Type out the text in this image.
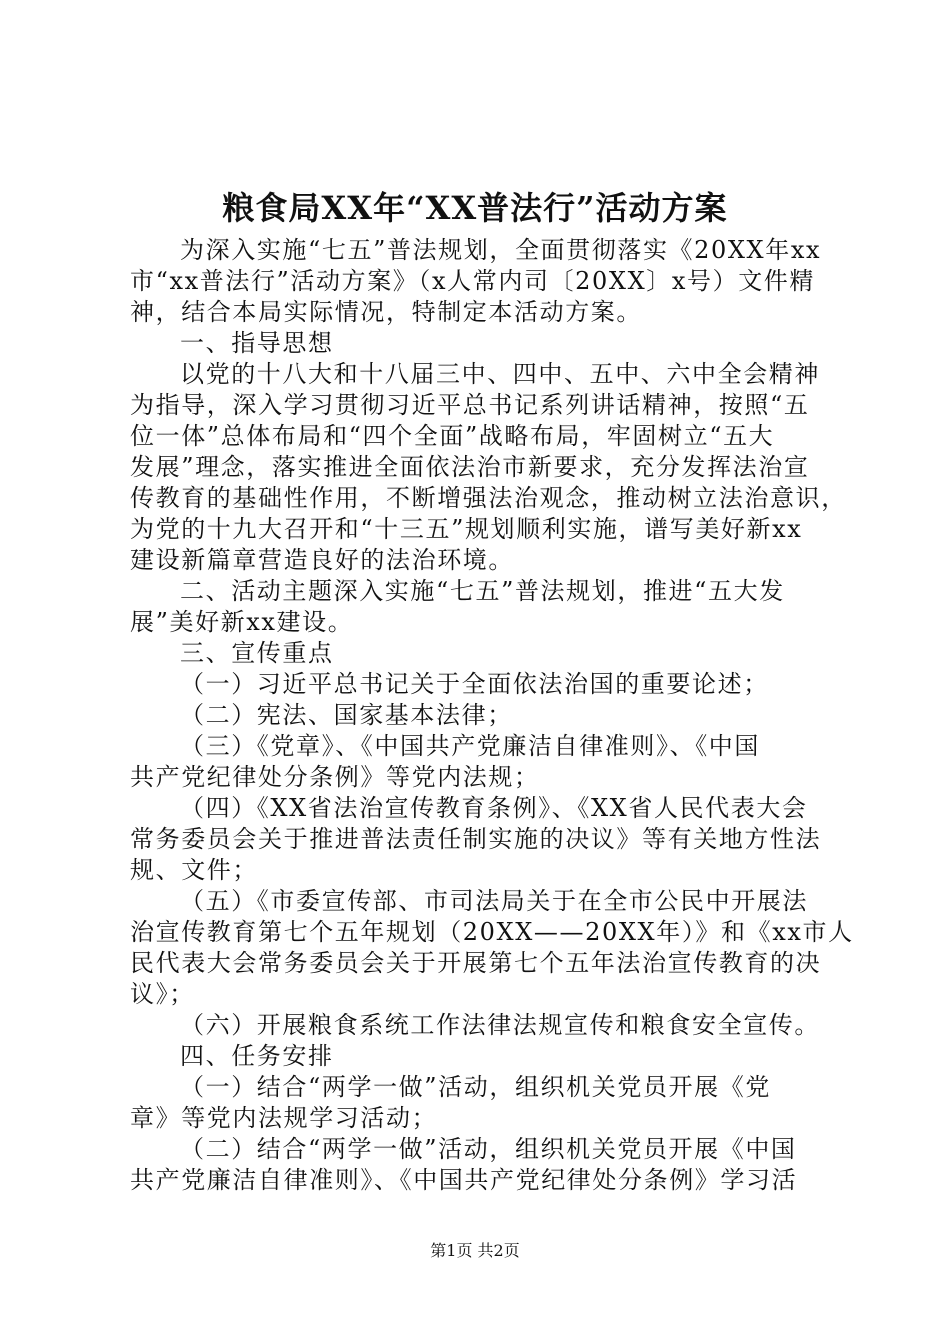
粮食局XX年“XX普法行”活动方案
为深入实施“七五”普法规划，全面贯彻落实《20XX年xx
市“xx普法行”活动方案》（x人常内司〔20XX〕x号）文件精
神，结合本局实际情况，特制定本活动方案。
一、指导思想
以党的十八大和十八届三中、四中、五中、六中全会精神
为指导，深入学习贯彻习近平总书记系列讲话精神，按照“五
位一体”总体布局和“四个全面”战略布局，牢固树立“五大
发展”理念，落实推进全面依法治市新要求，充分发挥法治宣
传教育的基础性作用，不断增强法治观念，推动树立法治意识，
为党的十九大召开和“十三五”规划顺利实施，谱写美好新xx
建设新篇章营造良好的法治环境。
二、活动主题深入实施“七五”普法规划，推进“五大发
展”美好新xx建设。
三、宣传重点
（一）习近平总书记关于全面依法治国的重要论述；
（二）宪法、国家基本法律；
（三）《党章》、《中国共产党廉洁自律准则》、《中国
共产党纪律处分条例》等党内法规；
（四）《XX省法治宣传教育条例》、《XX省人民代表大会
常务委员会关于推进普法责任制实施的决议》等有关地方性法
规、文件；
（五）《市委宣传部、市司法局关于在全市公民中开展法
治宣传教育第七个五年规划（20XX——20XX年）》和《xx市人
民代表大会常务委员会关于开展第七个五年法治宣传教育的决
议》；
（六）开展粮食系统工作法律法规宣传和粮食安全宣传。
四、任务安排
（一）结合“两学一做”活动，组织机关党员开展《党
章》等党内法规学习活动；
（二）结合“两学一做”活动，组织机关党员开展《中国
共产党廉洁自律准则》、《中国共产党纪律处分条例》学习活
第1页 共2页
